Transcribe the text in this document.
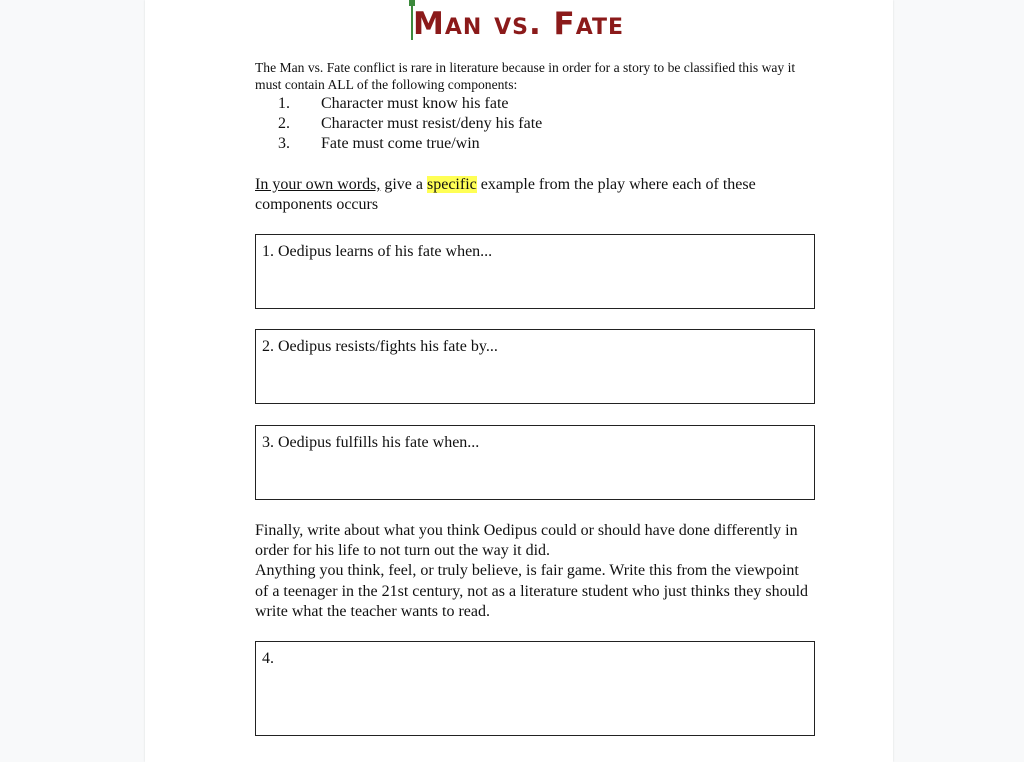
Man vs. Fate
The Man vs. Fate conflict is rare in literature because in order for a story to be classified this way it must contain ALL of the following components:
1. Character must know his fate
2. Character must resist/deny his fate
3. Fate must come true/win
In your own words, give a specific example from the play where each of these components occurs
1. Oedipus learns of his fate when...
2. Oedipus resists/fights his fate by...
3. Oedipus fulfills his fate when...
Finally, write about what you think Oedipus could or should have done differently in order for his life to not turn out the way it did.
Anything you think, feel, or truly believe, is fair game. Write this from the viewpoint of a teenager in the 21st century, not as a literature student who just thinks they should write what the teacher wants to read.
4.
